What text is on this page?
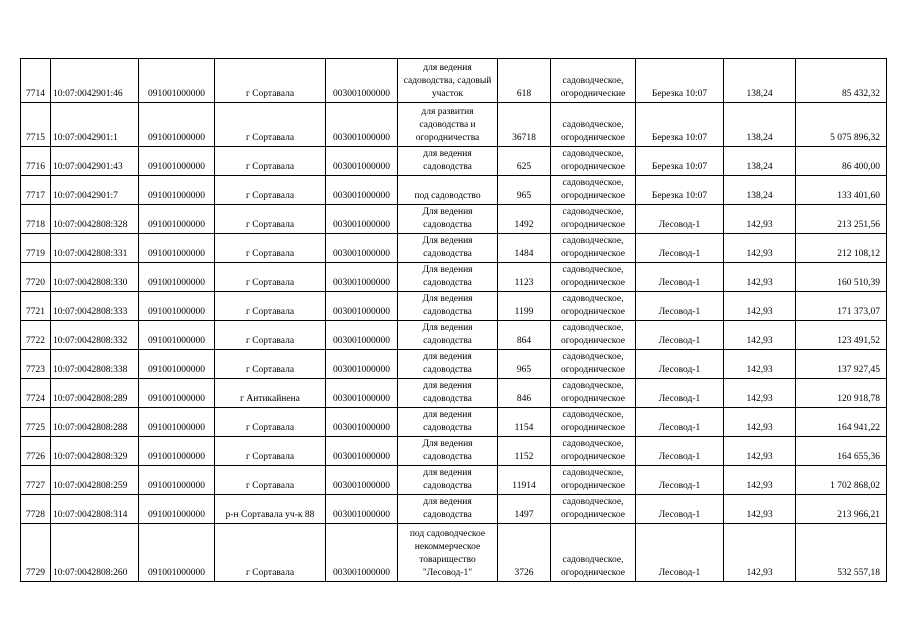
7714	10:07:0042901:46	091001000000	г Сортавала	003001000000	для ведения садоводства, садовый участок	618	садоводческое, огороднические	Березка 10:07	138,24	85 432,32
7715	10:07:0042901:1	091001000000	г Сортавала	003001000000	для развития садоводства и огородничества	36718	садоводческое, огородническое	Березка 10:07	138,24	5 075 896,32
7716	10:07:0042901:43	091001000000	г Сортавала	003001000000	для ведения садоводства	625	садоводческое, огородническое	Березка 10:07	138,24	86 400,00
7717	10:07:0042901:7	091001000000	г Сортавала	003001000000	под садоводство	965	садоводческое, огородническое	Березка 10:07	138,24	133 401,60
7718	10:07:0042808:328	091001000000	г Сортавала	003001000000	Для ведения садоводства	1492	садоводческое, огородническое	Лесовод-1	142,93	213 251,56
7719	10:07:0042808:331	091001000000	г Сортавала	003001000000	Для ведения садоводства	1484	садоводческое, огородническое	Лесовод-1	142,93	212 108,12
7720	10:07:0042808:330	091001000000	г Сортавала	003001000000	Для ведения садоводства	1123	садоводческое, огородническое	Лесовод-1	142,93	160 510,39
7721	10:07:0042808:333	091001000000	г Сортавала	003001000000	Для ведения садоводства	1199	садоводческое, огородническое	Лесовод-1	142,93	171 373,07
7722	10:07:0042808:332	091001000000	г Сортавала	003001000000	Для ведения садоводства	864	садоводческое, огородническое	Лесовод-1	142,93	123 491,52
7723	10:07:0042808:338	091001000000	г Сортавала	003001000000	для ведения садоводства	965	садоводческое, огородническое	Лесовод-1	142,93	137 927,45
7724	10:07:0042808:289	091001000000	г Антикайнена	003001000000	для ведения садоводства	846	садоводческое, огородническое	Лесовод-1	142,93	120 918,78
7725	10:07:0042808:288	091001000000	г Сортавала	003001000000	для ведения садоводства	1154	садоводческое, огородническое	Лесовод-1	142,93	164 941,22
7726	10:07:0042808:329	091001000000	г Сортавала	003001000000	Для ведения садоводства	1152	садоводческое, огородническое	Лесовод-1	142,93	164 655,36
7727	10:07:0042808:259	091001000000	г Сортавала	003001000000	для ведения садоводства	11914	садоводческое, огородническое	Лесовод-1	142,93	1 702 868,02
7728	10:07:0042808:314	091001000000	р-н Сортавала уч-к 88	003001000000	для ведения садоводства	1497	садоводческое, огородническое	Лесовод-1	142,93	213 966,21
7729	10:07:0042808:260	091001000000	г Сортавала	003001000000	под садоводческое некоммерческое товарищество "Лесовод-1"	3726	садоводческое, огородническое	Лесовод-1	142,93	532 557,18
